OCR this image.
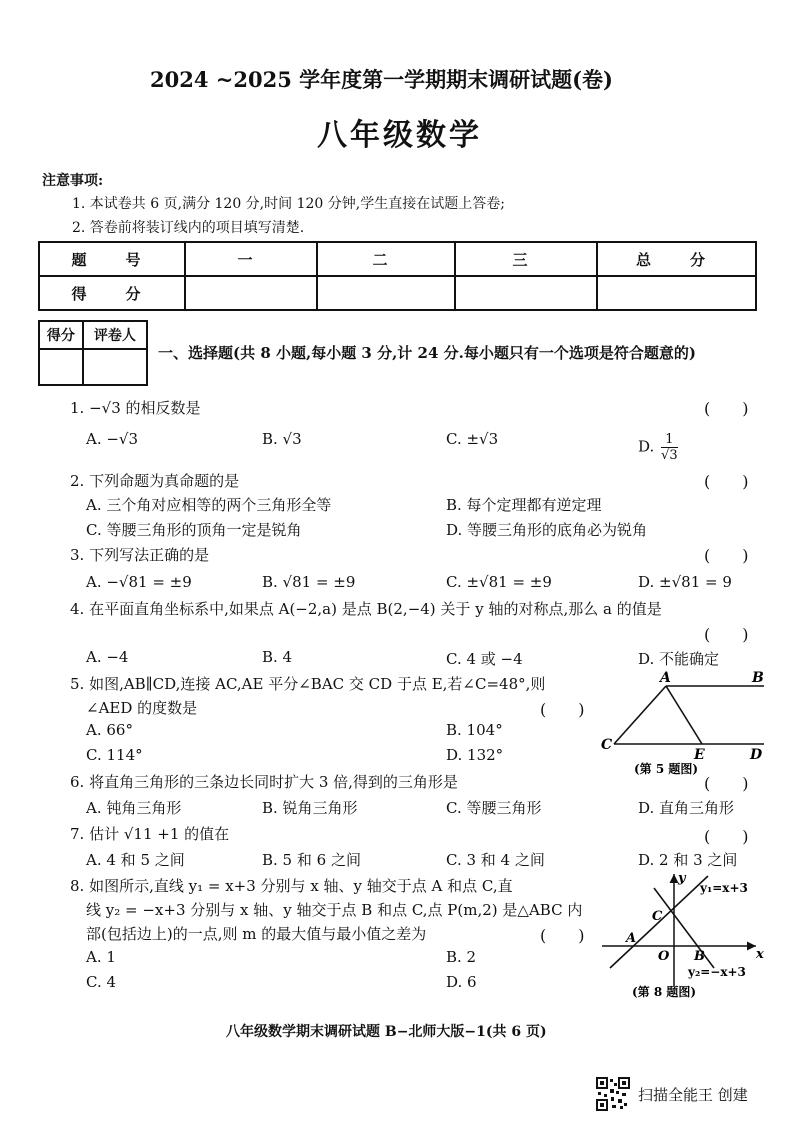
2024 ~2025 学年度第一学期期末调研试题(卷)
八年级数学
注意事项:
1. 本试卷共 6 页,满分 120 分,时间 120 分钟,学生直接在试题上答卷;
2. 答卷前将装订线内的项目填写清楚.
题　号	一	二	三	总　分
得　分				
得分	评卷人

一、选择题(共 8 小题,每小题 3 分,计 24 分.每小题只有一个选项是符合题意的)
1. −√3 的相反数是	(　　)
A. −√3	B. √3	C. ±√3	D. $\frac{1}{√3}$
2. 下列命题为真命题的是	(　　)
A. 三个角对应相等的两个三角形全等	B. 每个定理都有逆定理
C. 等腰三角形的顶角一定是锐角	D. 等腰三角形的底角必为锐角
3. 下列写法正确的是	(　　)
A. −√81 = ±9	B. √81 = ±9	C. ±√81 = ±9	D. ±√81 = 9
4. 在平面直角坐标系中,如果点 A(−2,a) 是点 B(2,−4) 关于 y 轴的对称点,那么 a 的值是
(　　)
A. −4	B. 4	C. 4 或 −4	D. 不能确定
5. 如图,AB∥CD,连接 AC,AE 平分∠BAC 交 CD 于点 E,若∠C=48°,则
∠AED 的度数是	(　　)
A. 66°	B. 104°
C. 114°	D. 132°
A	B
C
E	D
(第 5 题图)
6. 将直角三角形的三条边长同时扩大 3 倍,得到的三角形是	(　　)
A. 钝角三角形	B. 锐角三角形	C. 等腰三角形	D. 直角三角形
7. 估计 √11 +1 的值在	(　　)
A. 4 和 5 之间	B. 5 和 6 之间	C. 3 和 4 之间	D. 2 和 3 之间
8. 如图所示,直线 y₁ = x+3 分别与 x 轴、y 轴交于点 A 和点 C,直
线 y₂ = −x+3 分别与 x 轴、y 轴交于点 B 和点 C,点 P(m,2) 是△ABC 内
部(包括边上)的一点,则 m 的最大值与最小值之差为	(　　)
A. 1	B. 2
C. 4	D. 6
y
x
y₁=x+3
C
A
O B
y₂=−x+3
(第 8 题图)
八年级数学期末调研试题 B−北师大版−1(共 6 页)
扫描全能王 创建
